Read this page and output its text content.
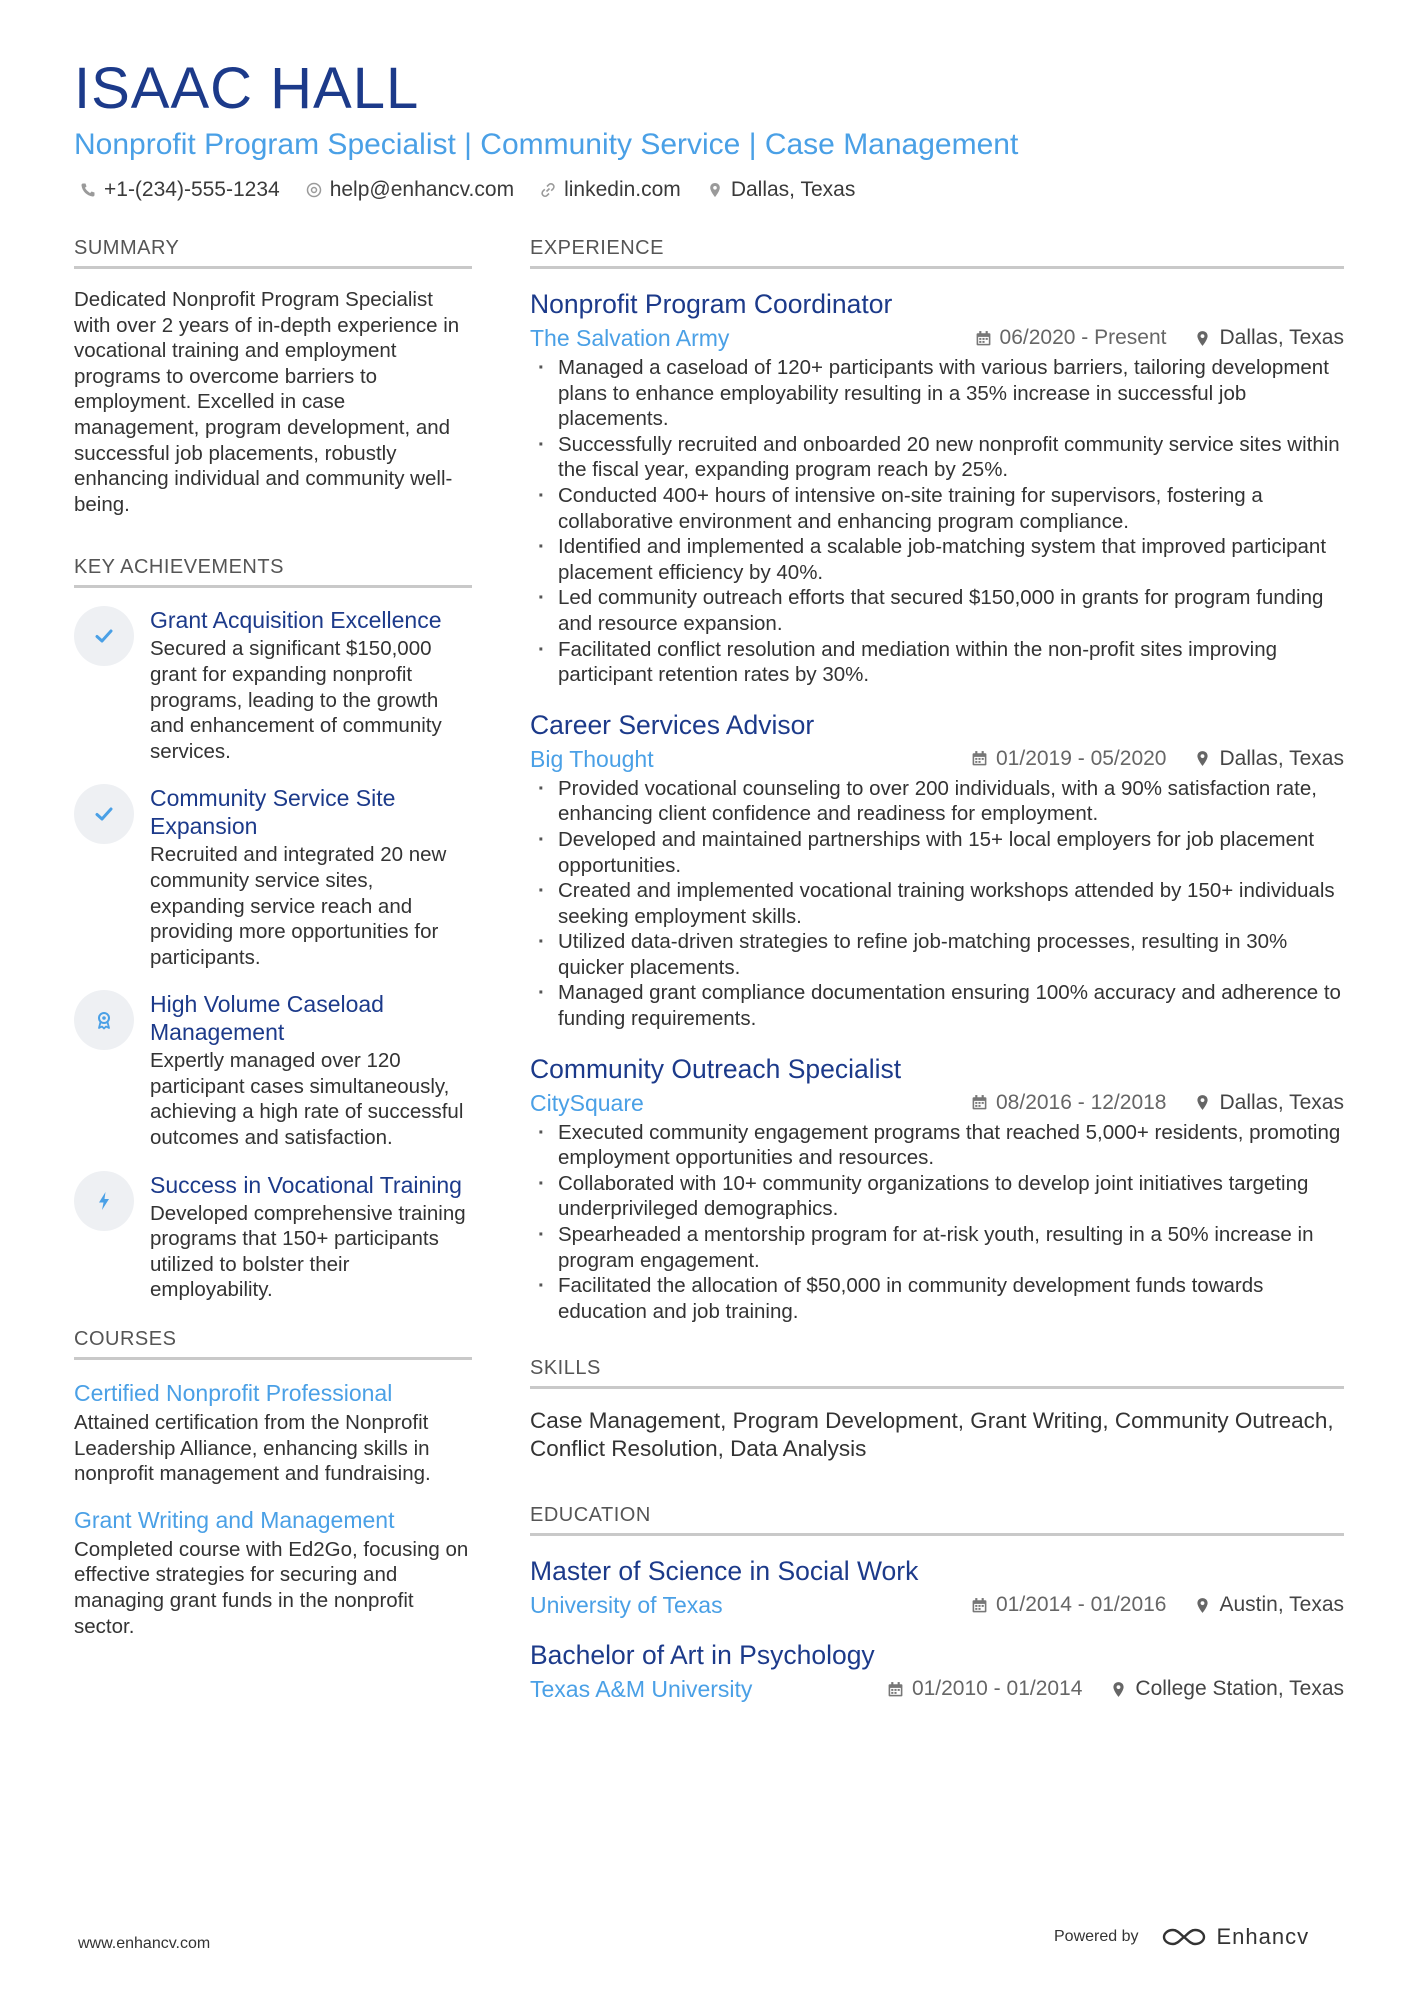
ISAAC HALL
Nonprofit Program Specialist | Community Service | Case Management
+1-(234)-555-1234 help@enhancv.com linkedin.com Dallas, Texas
SUMMARY
Dedicated Nonprofit Program Specialist with over 2 years of in-depth experience in vocational training and employment programs to overcome barriers to employment. Excelled in case management, program development, and successful job placements, robustly enhancing individual and community well-being.
KEY ACHIEVEMENTS
Grant Acquisition Excellence
Secured a significant $150,000 grant for expanding nonprofit programs, leading to the growth and enhancement of community services.
Community Service Site Expansion
Recruited and integrated 20 new community service sites, expanding service reach and providing more opportunities for participants.
High Volume Caseload Management
Expertly managed over 120 participant cases simultaneously, achieving a high rate of successful outcomes and satisfaction.
Success in Vocational Training
Developed comprehensive training programs that 150+ participants utilized to bolster their employability.
COURSES
Certified Nonprofit Professional
Attained certification from the Nonprofit Leadership Alliance, enhancing skills in nonprofit management and fundraising.
Grant Writing and Management
Completed course with Ed2Go, focusing on effective strategies for securing and managing grant funds in the nonprofit sector.
EXPERIENCE
Nonprofit Program Coordinator
The Salvation Army	06/2020 - Present	Dallas, Texas
· Managed a caseload of 120+ participants with various barriers, tailoring development plans to enhance employability resulting in a 35% increase in successful job placements.
· Successfully recruited and onboarded 20 new nonprofit community service sites within the fiscal year, expanding program reach by 25%.
· Conducted 400+ hours of intensive on-site training for supervisors, fostering a collaborative environment and enhancing program compliance.
· Identified and implemented a scalable job-matching system that improved participant placement efficiency by 40%.
· Led community outreach efforts that secured $150,000 in grants for program funding and resource expansion.
· Facilitated conflict resolution and mediation within the non-profit sites improving participant retention rates by 30%.
Career Services Advisor
Big Thought	01/2019 - 05/2020	Dallas, Texas
· Provided vocational counseling to over 200 individuals, with a 90% satisfaction rate, enhancing client confidence and readiness for employment.
· Developed and maintained partnerships with 15+ local employers for job placement opportunities.
· Created and implemented vocational training workshops attended by 150+ individuals seeking employment skills.
· Utilized data-driven strategies to refine job-matching processes, resulting in 30% quicker placements.
· Managed grant compliance documentation ensuring 100% accuracy and adherence to funding requirements.
Community Outreach Specialist
CitySquare	08/2016 - 12/2018	Dallas, Texas
· Executed community engagement programs that reached 5,000+ residents, promoting employment opportunities and resources.
· Collaborated with 10+ community organizations to develop joint initiatives targeting underprivileged demographics.
· Spearheaded a mentorship program for at-risk youth, resulting in a 50% increase in program engagement.
· Facilitated the allocation of $50,000 in community development funds towards education and job training.
SKILLS
Case Management, Program Development, Grant Writing, Community Outreach, Conflict Resolution, Data Analysis
EDUCATION
Master of Science in Social Work
University of Texas	01/2014 - 01/2016	Austin, Texas
Bachelor of Art in Psychology
Texas A&M University	01/2010 - 01/2014	College Station, Texas
www.enhancv.com	Powered by	Enhancv
